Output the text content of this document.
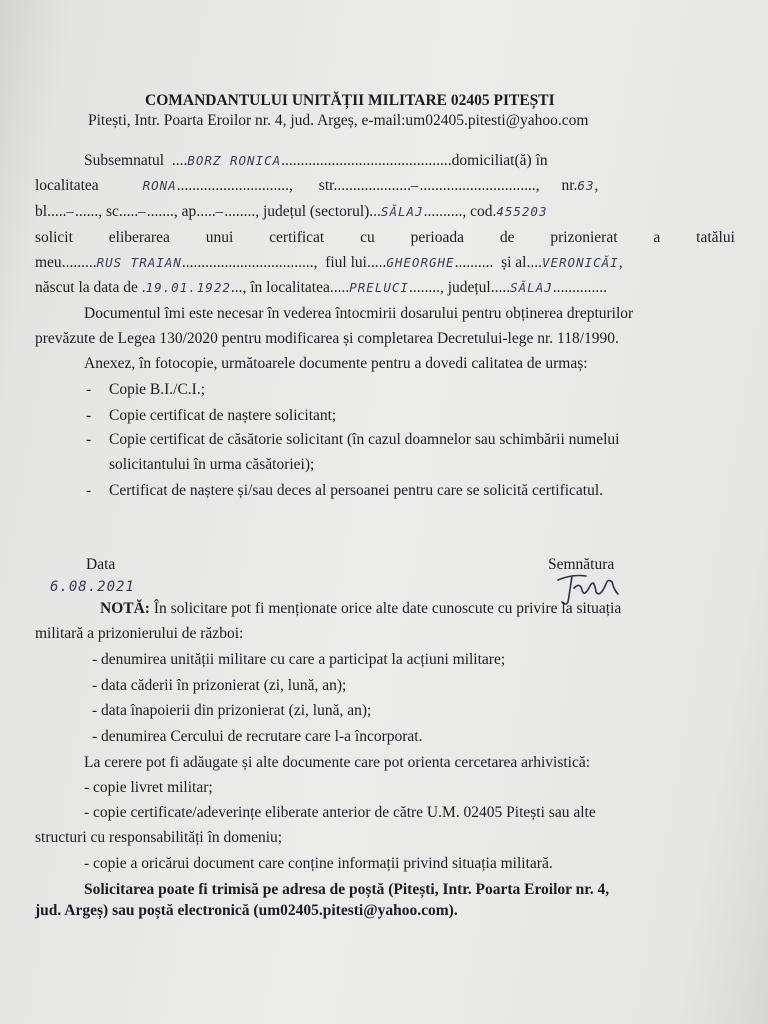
COMANDANTULUI UNITĂȚII MILITARE 02405 PITEȘTI
Pitești, Intr. Poarta Eroilor nr. 4, jud. Argeș, e-mail:um02405.pitesti@yahoo.com
Subsemnatul  ....BORZ RONICA............................................domiciliat(ă) în
localitatea	RONA............................., str....................—.............................., nr.63,
bl.....—......, sc.....—......., ap.....—........, județul (sectorul)...SĂLAJ.........., cod.455203
solicit eliberarea unui certificat cu perioada de prizonierat a tatălui
meu.........RUS TRAIAN..................................,  fiul lui.....GHEORGHE..........  și al....VERONICĂI,
născut la data de .19.01.1922..., în localitatea.....PRELUCI........, județul.....SĂLAJ..............
Documentul îmi este necesar în vederea întocmirii dosarului pentru obținerea drepturilor
prevăzute de Legea 130/2020 pentru modificarea și completarea Decretului-lege nr. 118/1990.
Anexez, în fotocopie, următoarele documente pentru a dovedi calitatea de urmaș:
- Copie B.I./C.I.;
- Copie certificat de naștere solicitant;
- Copie certificat de căsătorie solicitant (în cazul doamnelor sau schimbării numelui
solicitantului în urma căsătoriei);
- Certificat de naștere și/sau deces al persoanei pentru care se solicită certificatul.
Data
6.08.2021
Semnătura
NOTĂ: În solicitare pot fi menționate orice alte date cunoscute cu privire la situația
militară a prizonierului de război:
- denumirea unității militare cu care a participat la acțiuni militare;
- data căderii în prizonierat (zi, lună, an);
- data înapoierii din prizonierat (zi, lună, an);
- denumirea Cercului de recrutare care l-a încorporat.
La cerere pot fi adăugate și alte documente care pot orienta cercetarea arhivistică:
- copie livret militar;
- copie certificate/adeverințe eliberate anterior de către U.M. 02405 Pitești sau alte
structuri cu responsabilități în domeniu;
- copie a oricărui document care conține informații privind situația militară.
Solicitarea poate fi trimisă pe adresa de poștă (Pitești, Intr. Poarta Eroilor nr. 4,
jud. Argeș) sau poștă electronică (um02405.pitesti@yahoo.com).
